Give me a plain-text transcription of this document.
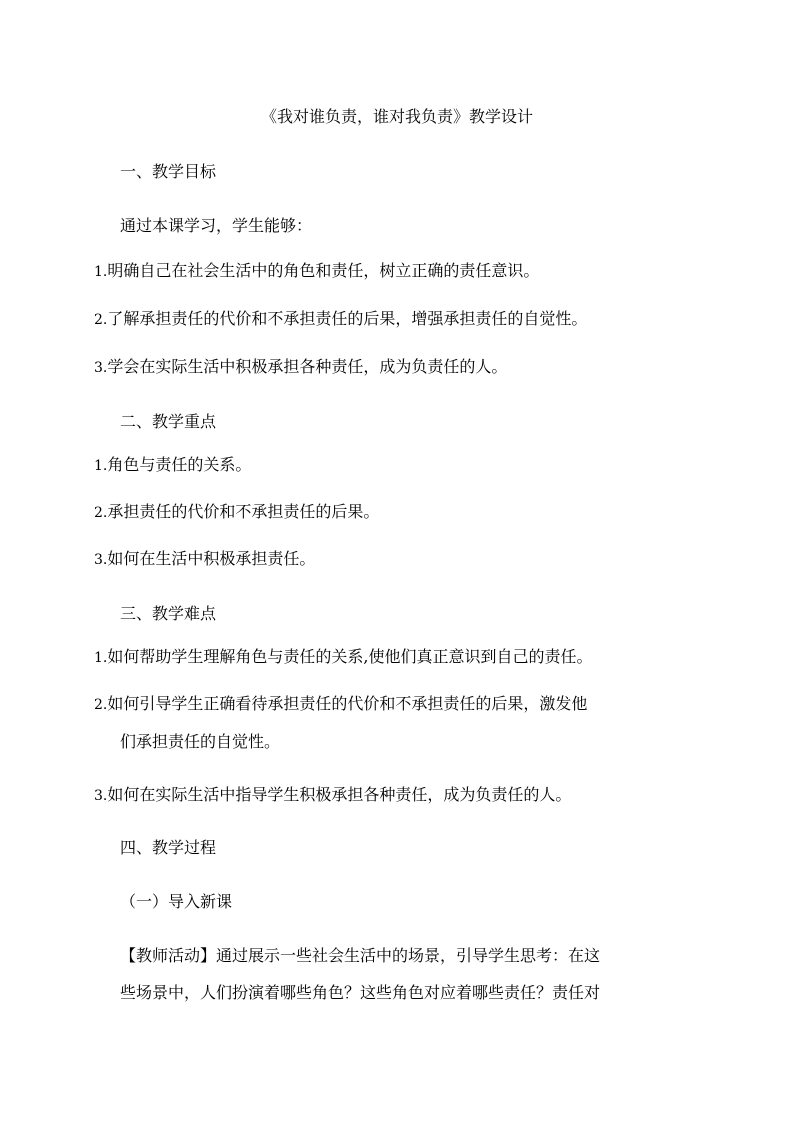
《我对谁负责，谁对我负责》教学设计

一、教学目标

通过本课学习，学生能够：

1.明确自己在社会生活中的角色和责任，树立正确的责任意识。

2.了解承担责任的代价和不承担责任的后果，增强承担责任的自觉性。

3.学会在实际生活中积极承担各种责任，成为负责任的人。

二、教学重点

1.角色与责任的关系。

2.承担责任的代价和不承担责任的后果。

3.如何在生活中积极承担责任。

三、教学难点

1.如何帮助学生理解角色与责任的关系,使他们真正意识到自己的责任。

2.如何引导学生正确看待承担责任的代价和不承担责任的后果，激发他
们承担责任的自觉性。

3.如何在实际生活中指导学生积极承担各种责任，成为负责任的人。

四、教学过程

（一）导入新课

【教师活动】通过展示一些社会生活中的场景，引导学生思考：在这
些场景中，人们扮演着哪些角色？这些角色对应着哪些责任？责任对
